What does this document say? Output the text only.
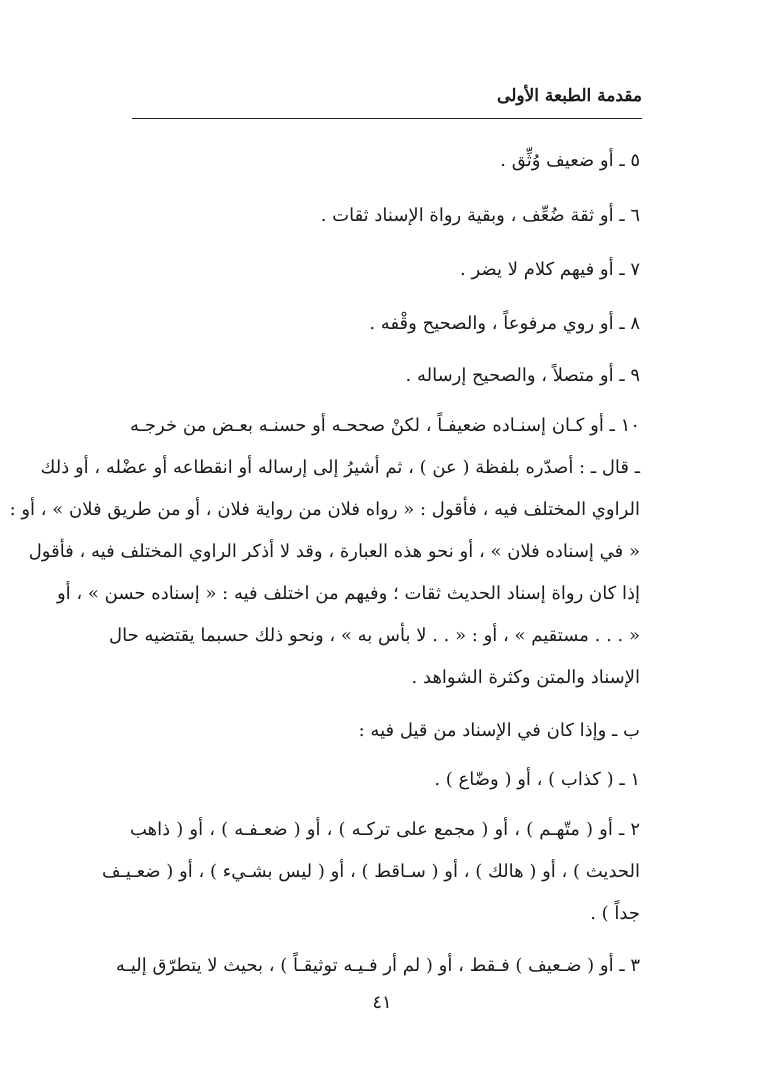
مقدمة الطبعة الأولى
٥ ـ أو ضعيف وُثِّق .
٦ ـ أو ثقة ضُعِّف ، وبقية رواة الإسناد ثقات .
٧ ـ أو فيهم كلام لا يضر .
٨ ـ أو روي مرفوعاً ، والصحيح وقْفه .
٩ ـ أو متصلاً ، والصحيح إرساله .
١٠ ـ أو كـان إسنـاده ضعيفـاً ، لكنْ صححـه أو حسنـه بعـض من خرجـه
ـ قال ـ : أصدّره بلفظة ( عن ) ، ثم أشيرُ إلى إرساله أو انقطاعه أو عضْله ، أو ذلك
الراوي المختلف فيه ، فأقول : « رواه فلان من رواية فلان ، أو من طريق فلان » ، أو :
« في إسناده فلان » ، أو نحو هذه العبارة ، وقد لا أذكر الراوي المختلف فيه ، فأقول
إذا كان رواة إسناد الحديث ثقات ؛ وفيهم من اختلف فيه : « إسناده حسن » ، أو
« . . . مستقيم » ، أو : « . . لا بأس به » ، ونحو ذلك حسبما يقتضيه حال
الإسناد والمتن وكثرة الشواهد .
ب ـ وإذا كان في الإسناد من قيل فيه :
١ ـ ( كذاب ) ، أو ( وضّاع ) .
٢ ـ أو ( متّهـم ) ، أو ( مجمع على تركـه ) ، أو ( ضعـفـه ) ، أو ( ذاهب
الحديث ) ، أو ( هالك ) ، أو ( سـاقط ) ، أو ( ليس بشـيء ) ، أو ( ضعـيـف
جداً ) .
٣ ـ أو ( ضـعيف ) فـقط ، أو ( لم أر فـيـه توثيقـاً ) ، بحيث لا يتطرّق إليـه
٤١
